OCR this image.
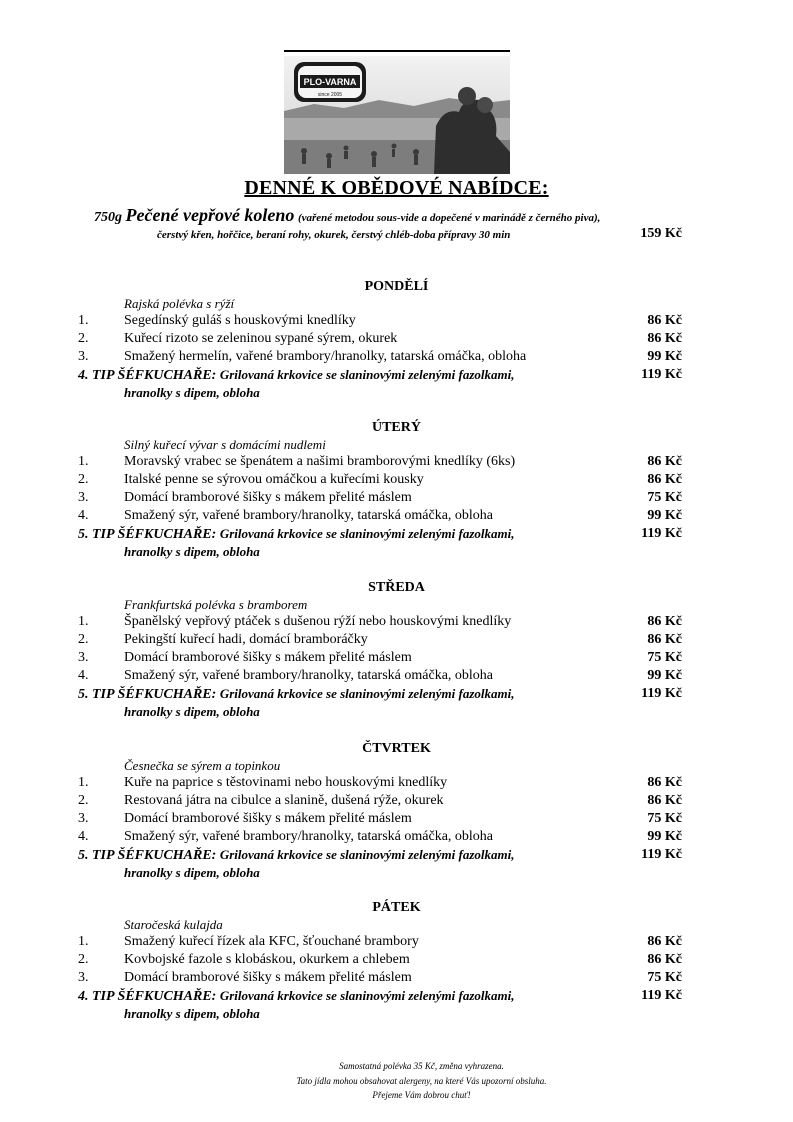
PLO-VARNA
since 2005
DENNÉ K OBĚDOVÉ NABÍDCE:
750g Pečené vepřové koleno (vařené metodou sous-vide a dopečené v marinádě z černého piva),
čerstvý křen, hořčice, beraní rohy, okurek, čerstvý chléb-doba přípravy 30 min	159 Kč
PONDĚLÍ
Rajská polévka s rýží
1.	Segedínský guláš s houskovými knedlíky	86 Kč
2.	Kuřecí rizoto se zeleninou sypané sýrem, okurek	86 Kč
3.	Smažený hermelín, vařené brambory/hranolky, tatarská omáčka, obloha	99 Kč
4. TIP ŠÉFKUCHAŘE: Grilovaná krkovice se slaninovými zelenými fazolkami,
hranolky s dipem, obloha
119 Kč
ÚTERÝ
Silný kuřecí vývar s domácími nudlemi
1.	Moravský vrabec se špenátem a našimi bramborovými knedlíky (6ks)	86 Kč
2.	Italské penne se sýrovou omáčkou a kuřecími kousky	86 Kč
3.	Domácí bramborové šišky s mákem přelité máslem	75 Kč
4.	Smažený sýr, vařené brambory/hranolky, tatarská omáčka, obloha	99 Kč
5. TIP ŠÉFKUCHAŘE: Grilovaná krkovice se slaninovými zelenými fazolkami,
hranolky s dipem, obloha
119 Kč
STŘEDA
Frankfurtská polévka s bramborem
1.	Španělský vepřový ptáček s dušenou rýží nebo houskovými knedlíky	86 Kč
2.	Pekingští kuřecí hadi, domácí bramboráčky	86 Kč
3.	Domácí bramborové šišky s mákem přelité máslem	75 Kč
4.	Smažený sýr, vařené brambory/hranolky, tatarská omáčka, obloha	99 Kč
5. TIP ŠÉFKUCHAŘE: Grilovaná krkovice se slaninovými zelenými fazolkami,
hranolky s dipem, obloha
119 Kč
ČTVRTEK
Česnečka se sýrem a topinkou
1.	Kuře na paprice s těstovinami nebo houskovými knedlíky	86 Kč
2.	Restovaná játra na cibulce a slanině, dušená rýže, okurek	86 Kč
3.	Domácí bramborové šišky s mákem přelité máslem	75 Kč
4.	Smažený sýr, vařené brambory/hranolky, tatarská omáčka, obloha	99 Kč
5. TIP ŠÉFKUCHAŘE: Grilovaná krkovice se slaninovými zelenými fazolkami,
hranolky s dipem, obloha
119 Kč
PÁTEK
Staročeská kulajda
1.	Smažený kuřecí řízek ala KFC, šťouchané brambory	86 Kč
2.	Kovbojské fazole s klobáskou, okurkem a chlebem	86 Kč
3.	Domácí bramborové šišky s mákem přelité máslem	75 Kč
4. TIP ŠÉFKUCHAŘE: Grilovaná krkovice se slaninovými zelenými fazolkami,
hranolky s dipem, obloha
119 Kč
Samostatná polévka 35 Kč, změna vyhrazena.
Tato jídla mohou obsahovat alergeny, na které Vás upozorní obsluha.
Přejeme Vám dobrou chuť!
